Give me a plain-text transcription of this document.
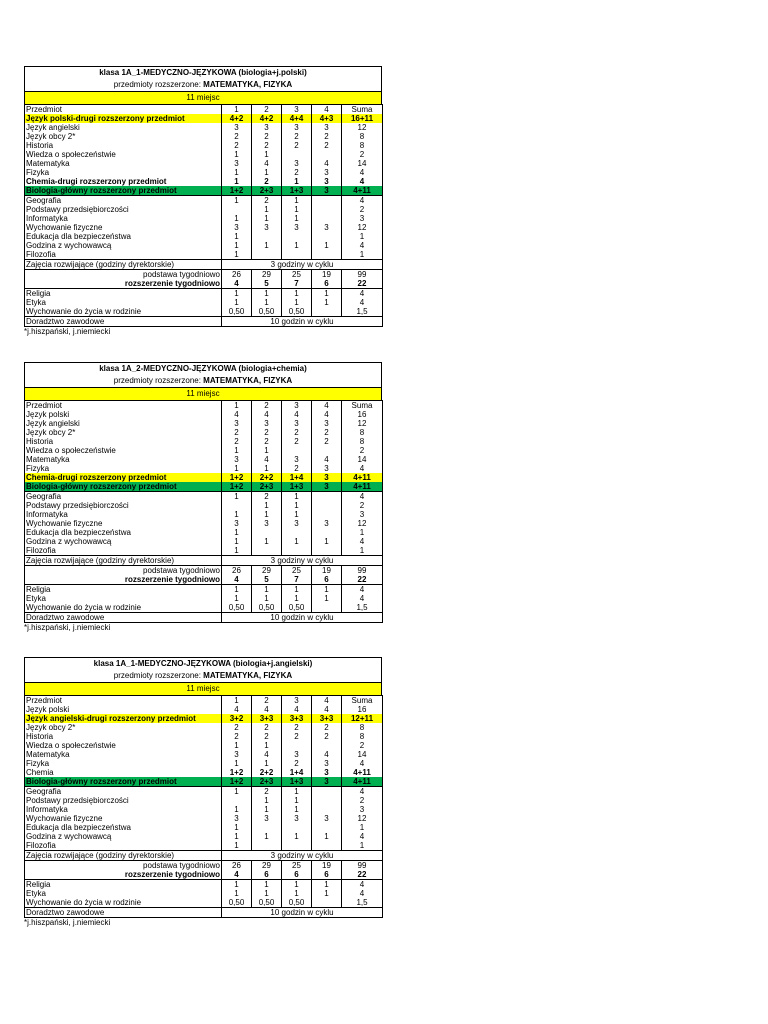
klasa 1A_1-MEDYCZNO-JĘZYKOWA (biologia+j.polski)
przedmioty rozszerzone: MATEMATYKA, FIZYKA
11 miejsc
Przedmiot	1	2	3	4	Suma
Język polski-drugi rozszerzony przedmiot	4+2	4+2	4+4	4+3	16+11
Język angielski	3	3	3	3	12
Język obcy 2*	2	2	2	2	8
Historia	2	2	2	2	8
Wiedza o społeczeństwie	1	1			2
Matematyka	3	4	3	4	14
Fizyka	1	1	2	3	4
Chemia-drugi rozszerzony przedmiot	1	2	1	3	4
Biologia-główny rozszerzony przedmiot	1+2	2+3	1+3	3	4+11
Geografia	1	2	1		4
Podstawy przedsiębiorczości		1	1		2
Informatyka	1	1	1		3
Wychowanie fizyczne	3	3	3	3	12
Edukacja dla bezpieczeństwa	1				1
Godzina z wychowawcą	1	1	1	1	4
Filozofia	1				1
Zajęcia rozwijające (godziny dyrektorskie)	3 godziny w cyklu				
podstawa tygodniowo	26	29	25	19	99
rozszerzenie tygodniowo	4	5	7	6	22
Religia	1	1	1	1	4
Etyka	1	1	1	1	4
Wychowanie do życia w rodzinie	0,50	0,50	0,50		1,5
Doradztwo zawodowe	10 godzin w cyklu				
*j.hiszpański, j.niemiecki
klasa 1A_2-MEDYCZNO-JĘZYKOWA (biologia+chemia)
przedmioty rozszerzone: MATEMATYKA, FIZYKA
11 miejsc
Przedmiot	1	2	3	4	Suma
Język polski	4	4	4	4	16
Język angielski	3	3	3	3	12
Język obcy 2*	2	2	2	2	8
Historia	2	2	2	2	8
Wiedza o społeczeństwie	1	1			2
Matematyka	3	4	3	4	14
Fizyka	1	1	2	3	4
Chemia-drugi rozszerzony przedmiot	1+2	2+2	1+4	3	4+11
Biologia-główny rozszerzony przedmiot	1+2	2+3	1+3	3	4+11
Geografia	1	2	1		4
Podstawy przedsiębiorczości		1	1		2
Informatyka	1	1	1		3
Wychowanie fizyczne	3	3	3	3	12
Edukacja dla bezpieczeństwa	1				1
Godzina z wychowawcą	1	1	1	1	4
Filozofia	1				1
Zajęcia rozwijające (godziny dyrektorskie)	3 godziny w cyklu				
podstawa tygodniowo	26	29	25	19	99
rozszerzenie tygodniowo	4	5	7	6	22
Religia	1	1	1	1	4
Etyka	1	1	1	1	4
Wychowanie do życia w rodzinie	0,50	0,50	0,50		1,5
Doradztwo zawodowe	10 godzin w cyklu				
*j.hiszpański, j.niemiecki
klasa 1A_1-MEDYCZNO-JĘZYKOWA (biologia+j.angielski)
przedmioty rozszerzone: MATEMATYKA, FIZYKA
11 miejsc
Przedmiot	1	2	3	4	Suma
Język polski	4	4	4	4	16
Język angielski-drugi rozszerzony przedmiot	3+2	3+3	3+3	3+3	12+11
Język obcy 2*	2	2	2	2	8
Historia	2	2	2	2	8
Wiedza o społeczeństwie	1	1			2
Matematyka	3	4	3	4	14
Fizyka	1	1	2	3	4
Chemia	1+2	2+2	1+4	3	4+11
Biologia-główny rozszerzony przedmiot	1+2	2+3	1+3	3	4+11
Geografia	1	2	1		4
Podstawy przedsiębiorczości		1	1		2
Informatyka	1	1	1		3
Wychowanie fizyczne	3	3	3	3	12
Edukacja dla bezpieczeństwa	1				1
Godzina z wychowawcą	1	1	1	1	4
Filozofia	1				1
Zajęcia rozwijające (godziny dyrektorskie)	3 godziny w cyklu				
podstawa tygodniowo	26	29	25	19	99
rozszerzenie tygodniowo	4	6	6	6	22
Religia	1	1	1	1	4
Etyka	1	1	1	1	4
Wychowanie do życia w rodzinie	0,50	0,50	0,50		1,5
Doradztwo zawodowe	10 godzin w cyklu				
*j.hiszpański, j.niemiecki
